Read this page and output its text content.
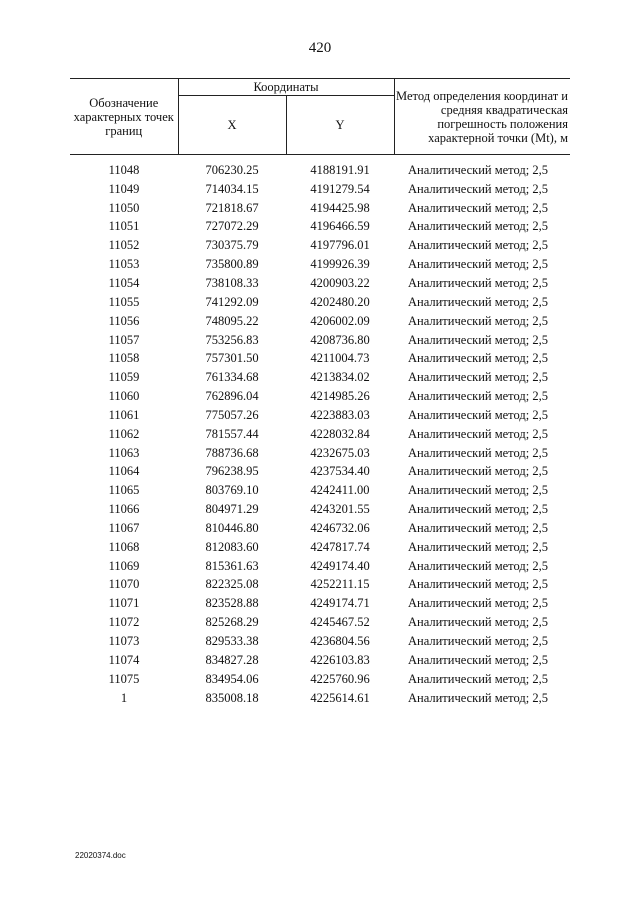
420
Обозначение характерных точек границ	Координаты		Метод определения координат и средняя квадратическая погрешность положения характерной точки (Mt), м
	X	Y	
11048	706230.25	4188191.91	Аналитический метод; 2,5
11049	714034.15	4191279.54	Аналитический метод; 2,5
11050	721818.67	4194425.98	Аналитический метод; 2,5
11051	727072.29	4196466.59	Аналитический метод; 2,5
11052	730375.79	4197796.01	Аналитический метод; 2,5
11053	735800.89	4199926.39	Аналитический метод; 2,5
11054	738108.33	4200903.22	Аналитический метод; 2,5
11055	741292.09	4202480.20	Аналитический метод; 2,5
11056	748095.22	4206002.09	Аналитический метод; 2,5
11057	753256.83	4208736.80	Аналитический метод; 2,5
11058	757301.50	4211004.73	Аналитический метод; 2,5
11059	761334.68	4213834.02	Аналитический метод; 2,5
11060	762896.04	4214985.26	Аналитический метод; 2,5
11061	775057.26	4223883.03	Аналитический метод; 2,5
11062	781557.44	4228032.84	Аналитический метод; 2,5
11063	788736.68	4232675.03	Аналитический метод; 2,5
11064	796238.95	4237534.40	Аналитический метод; 2,5
11065	803769.10	4242411.00	Аналитический метод; 2,5
11066	804971.29	4243201.55	Аналитический метод; 2,5
11067	810446.80	4246732.06	Аналитический метод; 2,5
11068	812083.60	4247817.74	Аналитический метод; 2,5
11069	815361.63	4249174.40	Аналитический метод; 2,5
11070	822325.08	4252211.15	Аналитический метод; 2,5
11071	823528.88	4249174.71	Аналитический метод; 2,5
11072	825268.29	4245467.52	Аналитический метод; 2,5
11073	829533.38	4236804.56	Аналитический метод; 2,5
11074	834827.28	4226103.83	Аналитический метод; 2,5
11075	834954.06	4225760.96	Аналитический метод; 2,5
1	835008.18	4225614.61	Аналитический метод; 2,5
22020374.doc
